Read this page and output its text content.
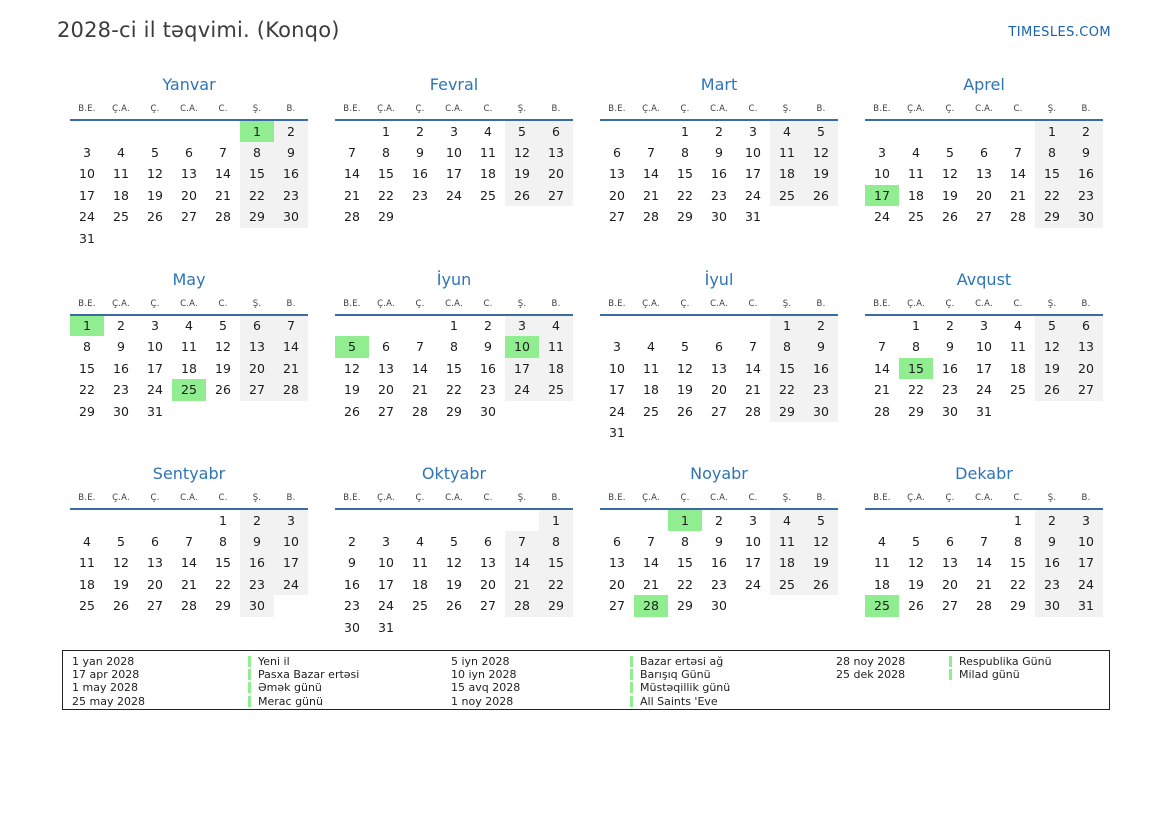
2028-ci il təqvimi. (Konqo)	TIMESLES.COM
Yanvar
B.E.	Ç.A.	Ç.	C.A.	C.	Ş.	B.
					1	2
3	4	5	6	7	8	9
10	11	12	13	14	15	16
17	18	19	20	21	22	23
24	25	26	27	28	29	30
31						
Fevral
B.E.	Ç.A.	Ç.	C.A.	C.	Ş.	B.
	1	2	3	4	5	6
7	8	9	10	11	12	13
14	15	16	17	18	19	20
21	22	23	24	25	26	27
28	29					
Mart
B.E.	Ç.A.	Ç.	C.A.	C.	Ş.	B.
		1	2	3	4	5
6	7	8	9	10	11	12
13	14	15	16	17	18	19
20	21	22	23	24	25	26
27	28	29	30	31		
Aprel
B.E.	Ç.A.	Ç.	C.A.	C.	Ş.	B.
					1	2
3	4	5	6	7	8	9
10	11	12	13	14	15	16
17	18	19	20	21	22	23
24	25	26	27	28	29	30
May
B.E.	Ç.A.	Ç.	C.A.	C.	Ş.	B.
1	2	3	4	5	6	7
8	9	10	11	12	13	14
15	16	17	18	19	20	21
22	23	24	25	26	27	28
29	30	31				
İyun
B.E.	Ç.A.	Ç.	C.A.	C.	Ş.	B.
			1	2	3	4
5	6	7	8	9	10	11
12	13	14	15	16	17	18
19	20	21	22	23	24	25
26	27	28	29	30		
İyul
B.E.	Ç.A.	Ç.	C.A.	C.	Ş.	B.
					1	2
3	4	5	6	7	8	9
10	11	12	13	14	15	16
17	18	19	20	21	22	23
24	25	26	27	28	29	30
31						
Avqust
B.E.	Ç.A.	Ç.	C.A.	C.	Ş.	B.
	1	2	3	4	5	6
7	8	9	10	11	12	13
14	15	16	17	18	19	20
21	22	23	24	25	26	27
28	29	30	31			
Sentyabr
B.E.	Ç.A.	Ç.	C.A.	C.	Ş.	B.
				1	2	3
4	5	6	7	8	9	10
11	12	13	14	15	16	17
18	19	20	21	22	23	24
25	26	27	28	29	30	
Oktyabr
B.E.	Ç.A.	Ç.	C.A.	C.	Ş.	B.
						1
2	3	4	5	6	7	8
9	10	11	12	13	14	15
16	17	18	19	20	21	22
23	24	25	26	27	28	29
30	31					
Noyabr
B.E.	Ç.A.	Ç.	C.A.	C.	Ş.	B.
		1	2	3	4	5
6	7	8	9	10	11	12
13	14	15	16	17	18	19
20	21	22	23	24	25	26
27	28	29	30			
Dekabr
B.E.	Ç.A.	Ç.	C.A.	C.	Ş.	B.
				1	2	3
4	5	6	7	8	9	10
11	12	13	14	15	16	17
18	19	20	21	22	23	24
25	26	27	28	29	30	31
1 yan 2028	Yeni il
17 apr 2028	Pasxa Bazar ertəsi
1 may 2028	Əmək günü
25 may 2028	Merac günü
5 iyn 2028	Bazar ertəsi ağ
10 iyn 2028	Barışıq Günü
15 avq 2028	Müstəqillik günü
1 noy 2028	All Saints 'Eve
28 noy 2028	Respublika Günü
25 dek 2028	Milad günü
